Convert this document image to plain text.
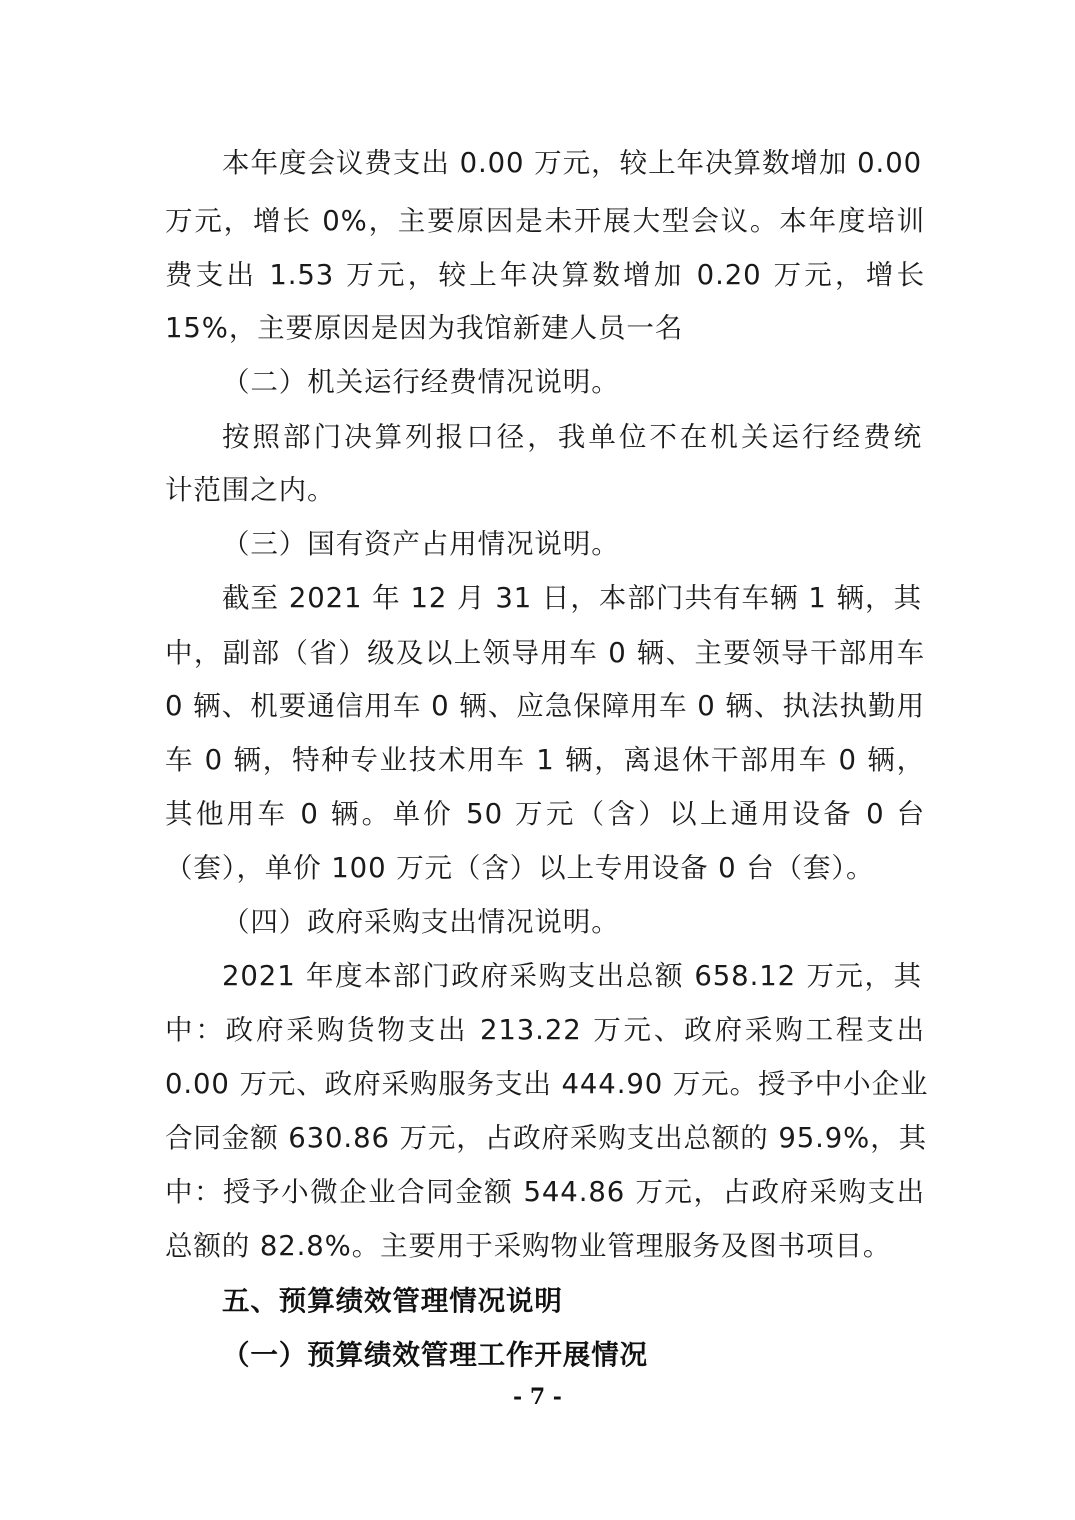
本年度会议费支出 0.00 万元，较上年决算数增加 0.00
万元，增长 0%，主要原因是未开展大型会议。本年度培训
费支出 1.53 万元，较上年决算数增加 0.20 万元，增长
15%，主要原因是因为我馆新建人员一名
（二）机关运行经费情况说明。
按照部门决算列报口径，我单位不在机关运行经费统
计范围之内。
（三）国有资产占用情况说明。
截至 2021 年 12 月 31 日，本部门共有车辆 1 辆，其
中，副部（省）级及以上领导用车 0 辆、主要领导干部用车
0 辆、机要通信用车 0 辆、应急保障用车 0 辆、执法执勤用
车 0 辆，特种专业技术用车 1 辆，离退休干部用车 0 辆，
其他用车 0 辆。单价 50 万元（含）以上通用设备 0 台
（套），单价 100 万元（含）以上专用设备 0 台（套）。
（四）政府采购支出情况说明。
2021 年度本部门政府采购支出总额 658.12 万元，其
中：政府采购货物支出 213.22 万元、政府采购工程支出
0.00 万元、政府采购服务支出 444.90 万元。授予中小企业
合同金额 630.86 万元，占政府采购支出总额的 95.9%，其
中：授予小微企业合同金额 544.86 万元，占政府采购支出
总额的 82.8%。主要用于采购物业管理服务及图书项目。
五、预算绩效管理情况说明
（一）预算绩效管理工作开展情况
- 7 -
